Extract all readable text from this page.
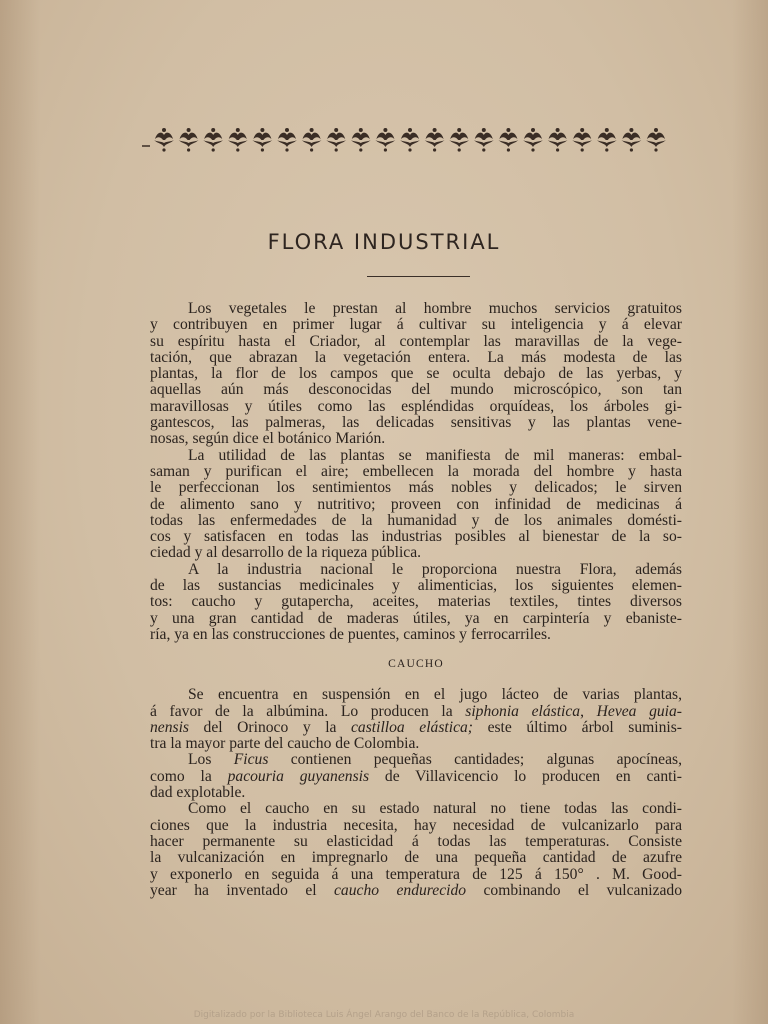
FLORA INDUSTRIAL
Los vegetales le prestan al hombre muchos servicios gratuitos
y contribuyen en primer lugar á cultivar su inteligencia y á elevar
su espíritu hasta el Criador, al contemplar las maravillas de la vege-
tación, que abrazan la vegetación entera. La más modesta de las
plantas, la flor de los campos que se oculta debajo de las yerbas, y
aquellas aún más desconocidas del mundo microscópico, son tan
maravillosas y útiles como las espléndidas orquídeas, los árboles gi-
gantescos, las palmeras, las delicadas sensitivas y las plantas vene-
nosas, según dice el botánico Marión.
La utilidad de las plantas se manifiesta de mil maneras: embal-
saman y purifican el aire; embellecen la morada del hombre y hasta
le perfeccionan los sentimientos más nobles y delicados; le sirven
de alimento sano y nutritivo; proveen con infinidad de medicinas á
todas las enfermedades de la humanidad y de los animales domésti-
cos y satisfacen en todas las industrias posibles al bienestar de la so-
ciedad y al desarrollo de la riqueza pública.
A la industria nacional le proporciona nuestra Flora, además
de las sustancias medicinales y alimenticias, los siguientes elemen-
tos: caucho y gutapercha, aceites, materias textiles, tintes diversos
y una gran cantidad de maderas útiles, ya en carpintería y ebaniste-
ría, ya en las construcciones de puentes, caminos y ferrocarriles.
CAUCHO
Se encuentra en suspensión en el jugo lácteo de varias plantas,
á favor de la albúmina. Lo producen la siphonia elástica, Hevea guia-
nensis del Orinoco y la castilloa elástica; este último árbol suminis-
tra la mayor parte del caucho de Colombia.
Los Ficus contienen pequeñas cantidades; algunas apocíneas,
como la pacouria guyanensis de Villavicencio lo producen en canti-
dad explotable.
Como el caucho en su estado natural no tiene todas las condi-
ciones que la industria necesita, hay necesidad de vulcanizarlo para
hacer permanente su elasticidad á todas las temperaturas. Consiste
la vulcanización en impregnarlo de una pequeña cantidad de azufre
y exponerlo en seguida á una temperatura de 125 á 150° . M. Good-
year ha inventado el caucho endurecido combinando el vulcanizado
Digitalizado por la Biblioteca Luis Ángel Arango del Banco de la República, Colombia
